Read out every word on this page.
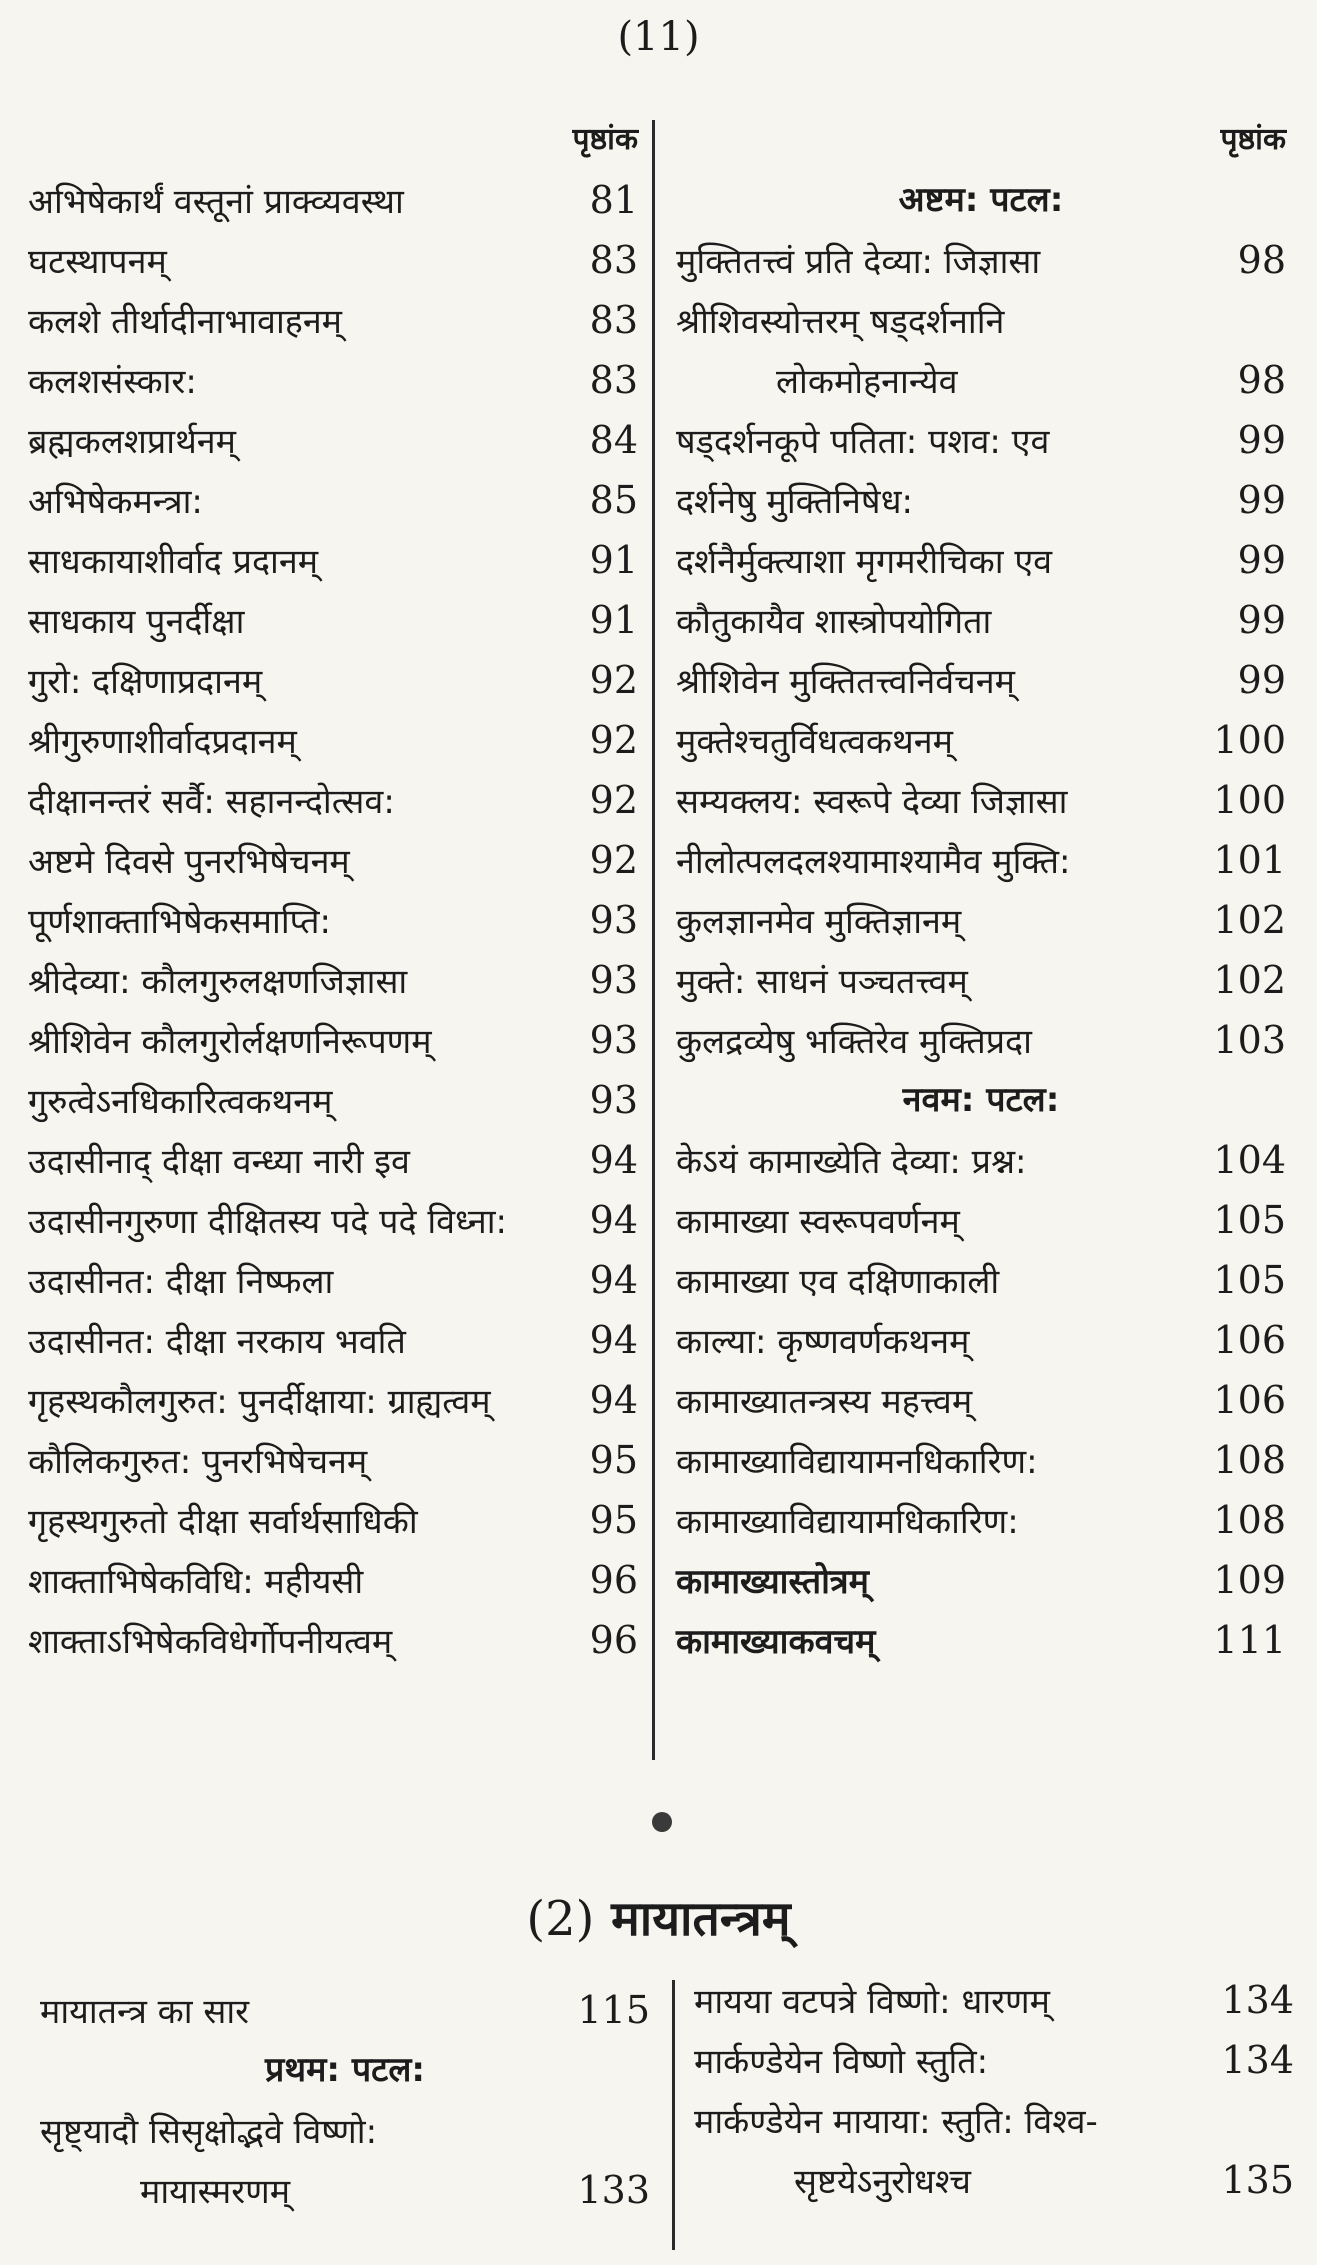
(11)
पृष्ठांक
अभिषेकार्थं वस्तूनां प्राक्व्यवस्था	81
घटस्थापनम्	83
कलशे तीर्थादीनाभावाहनम्	83
कलशसंस्कार:	83
ब्रह्मकलशप्रार्थनम्	84
अभिषेकमन्त्रा:	85
साधकायाशीर्वाद प्रदानम्	91
साधकाय पुनर्दीक्षा	91
गुरो: दक्षिणाप्रदानम्	92
श्रीगुरुणाशीर्वादप्रदानम्	92
दीक्षानन्तरं सर्वै: सहानन्दोत्सव:	92
अष्टमे दिवसे पुनरभिषेचनम्	92
पूर्णशाक्ताभिषेकसमाप्ति:	93
श्रीदेव्या: कौलगुरुलक्षणजिज्ञासा	93
श्रीशिवेन कौलगुरोर्लक्षणनिरूपणम्	93
गुरुत्वेऽनधिकारित्वकथनम्	93
उदासीनाद् दीक्षा वन्ध्या नारी इव	94
उदासीनगुरुणा दीक्षितस्य पदे पदे विध्ना: 94
उदासीनत: दीक्षा निष्फला	94
उदासीनत: दीक्षा नरकाय भवति	94
गृहस्थकौलगुरुत: पुनर्दीक्षाया: ग्राह्यत्वम्	94
कौलिकगुरुत: पुनरभिषेचनम्	95
गृहस्थगुरुतो दीक्षा सर्वार्थसाधिकी	95
शाक्ताभिषेकविधि: महीयसी	96
शाक्ताऽभिषेकविधेर्गोपनीयत्वम्	96
पृष्ठांक
अष्टम: पटल:
मुक्तितत्त्वं प्रति देव्या: जिज्ञासा	98
श्रीशिवस्योत्तरम् षड्दर्शनानि
लोकमोहनान्येव	98
षड्दर्शनकूपे पतिता: पशव: एव	99
दर्शनेषु मुक्तिनिषेध:	99
दर्शनैर्मुक्त्याशा मृगमरीचिका एव	99
कौतुकायैव शास्त्रोपयोगिता	99
श्रीशिवेन मुक्तितत्त्वनिर्वचनम्	99
मुक्तेश्चतुर्विधत्वकथनम्	100
सम्यक्लय: स्वरूपे देव्या जिज्ञासा	100
नीलोत्पलदलश्यामाश्यामैव मुक्ति:	101
कुलज्ञानमेव मुक्तिज्ञानम्	102
मुक्ते: साधनं पञ्चतत्त्वम्	102
कुलद्रव्येषु भक्तिरेव मुक्तिप्रदा	103
नवम: पटल:
केऽयं कामाख्येति देव्या: प्रश्न:	104
कामाख्या स्वरूपवर्णनम्	105
कामाख्या एव दक्षिणाकाली	105
काल्या: कृष्णवर्णकथनम्	106
कामाख्यातन्त्रस्य महत्त्वम्	106
कामाख्याविद्यायामनधिकारिण:	108
कामाख्याविद्यायामधिकारिण:	108
कामाख्यास्तोत्रम्	109
कामाख्याकवचम्	111
(2) मायातन्त्रम्
मायातन्त्र का सार	115
प्रथम: पटल:
सृष्ट्यादौ सिसृक्षोद्भवे विष्णो:
मायास्मरणम्	133
मायया वटपत्रे विष्णो: धारणम्	134
मार्कण्डेयेन विष्णो स्तुति:	134
मार्कण्डेयेन मायाया: स्तुति: विश्व-
सृष्टयेऽनुरोधश्च	135
